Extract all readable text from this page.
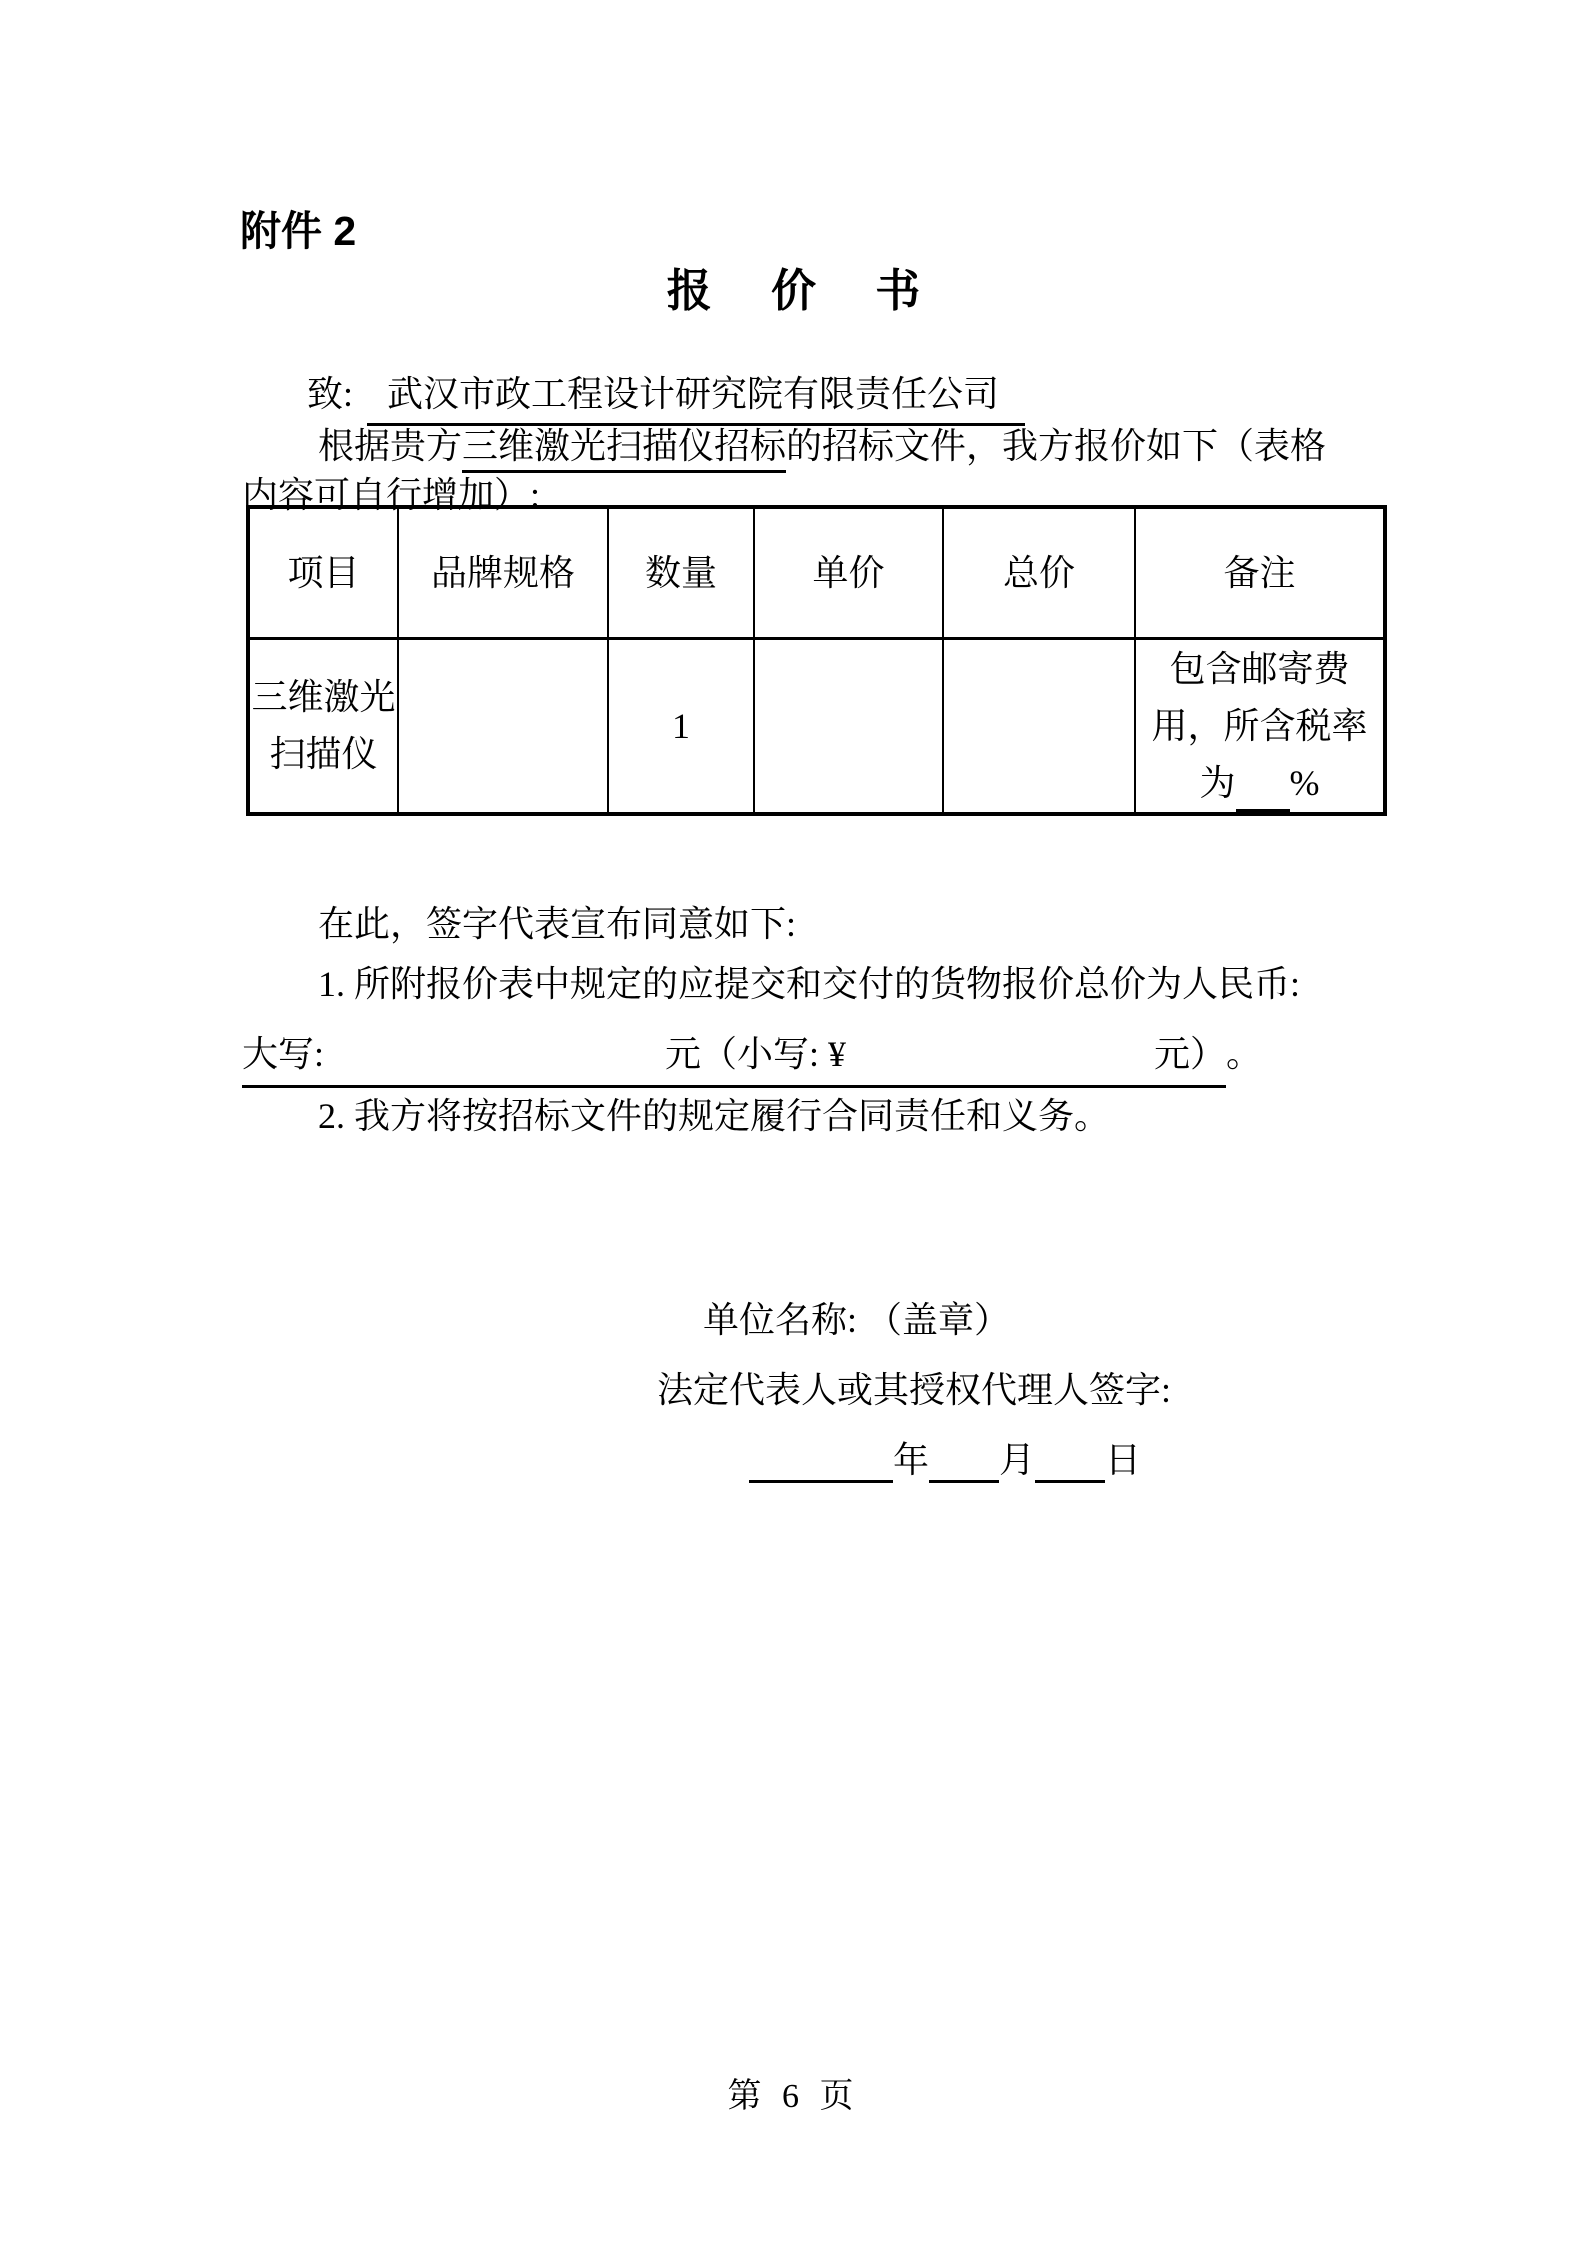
附件 2
报 价 书
致: 武汉市政工程设计研究院有限责任公司
根据贵方三维激光扫描仪招标的招标文件，我方报价如下（表格
内容可自行增加）:
项目	品牌规格	数量	单价	总价	备注
三维激光扫描仪		1			包含邮寄费用，所含税率为 %
在此，签字代表宣布同意如下:
1. 所附报价表中规定的应提交和交付的货物报价总价为人民币:
大写:	元（小写: ¥	元）。
2. 我方将按招标文件的规定履行合同责任和义务。
单位名称: （盖章）
法定代表人或其授权代理人签字:
年 月 日
第 6 页
